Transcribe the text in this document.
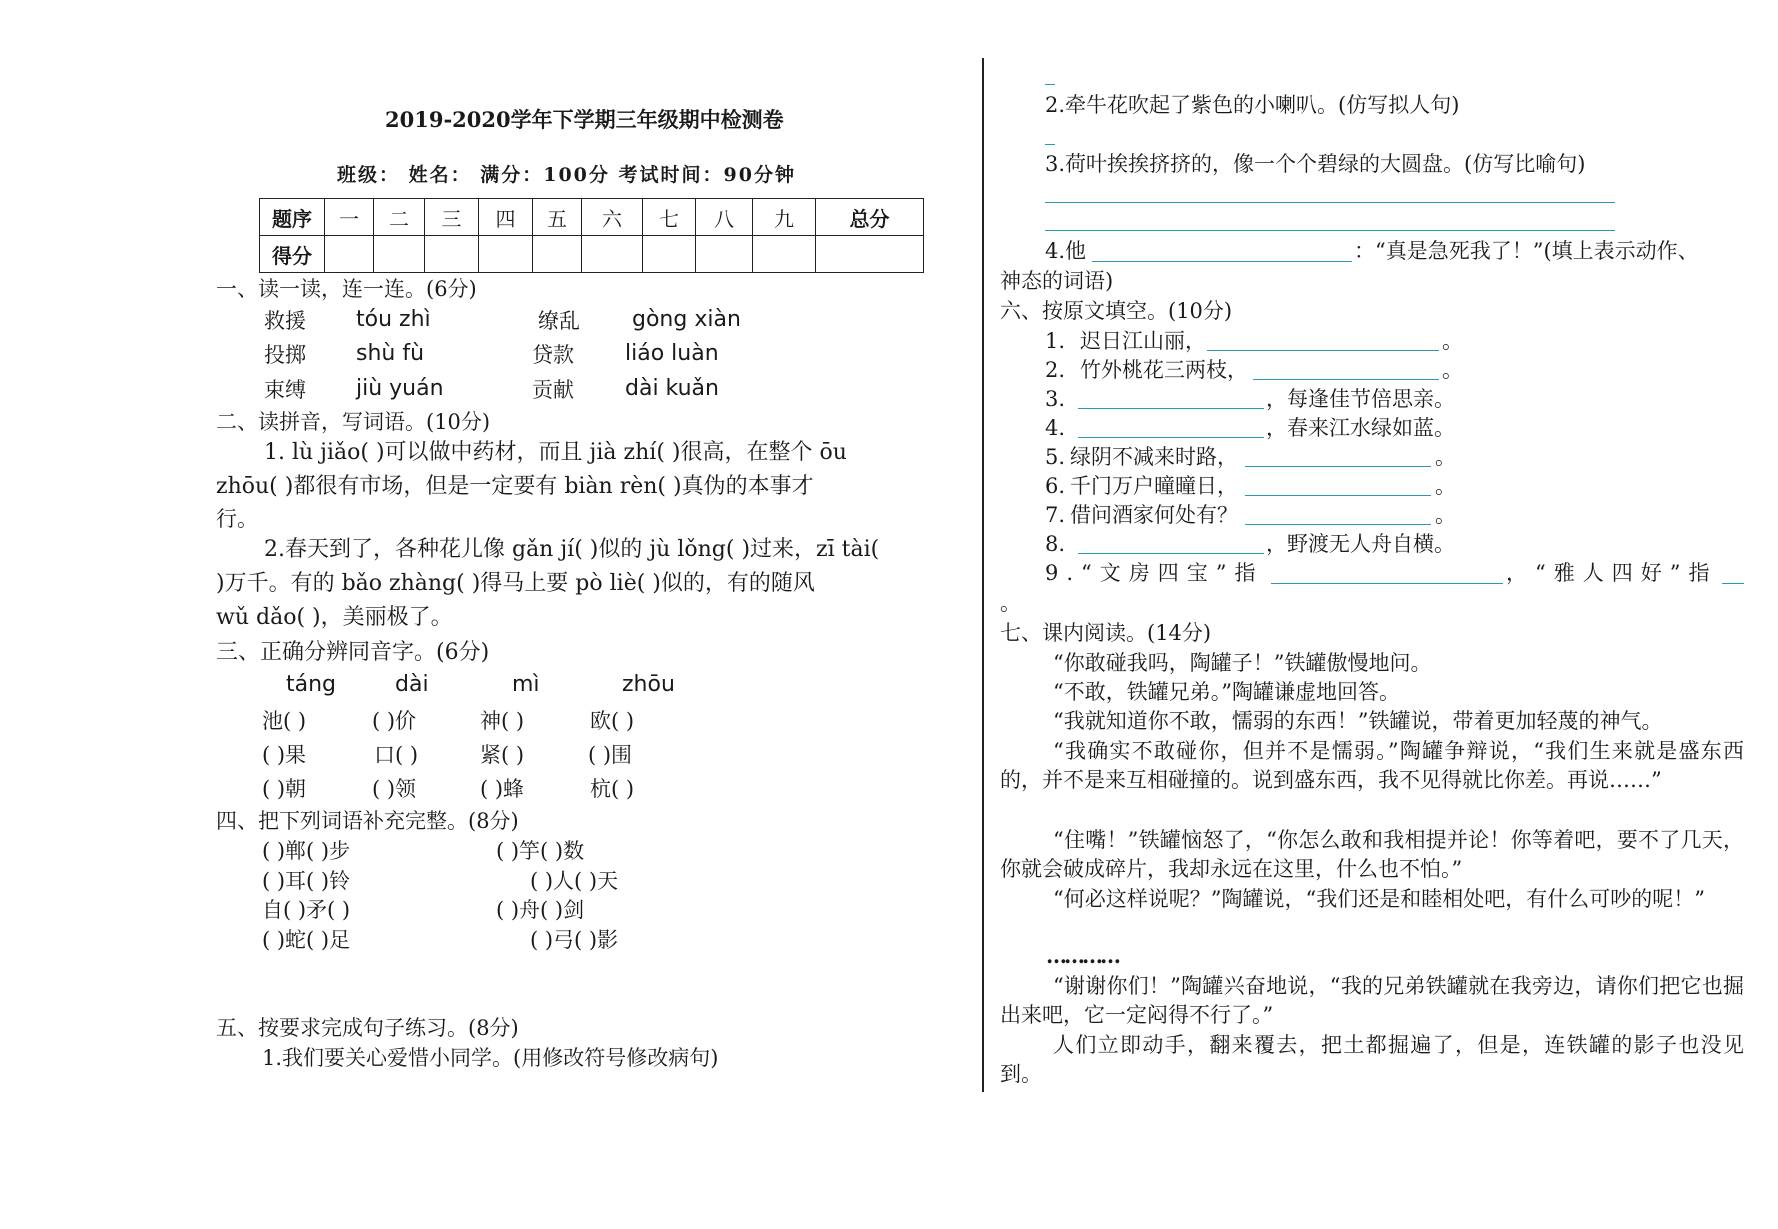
2019-2020学年下学期三年级期中检测卷
班级： 姓名： 满分：100分 考试时间：90分钟
题序	一	二	三	四	五	六	七	八	九	总分
得分										
一、读一读，连一连。(6分)
救援 tóu zhì	缭乱 gòng xiàn
投掷 shù fù	贷款 liáo luàn
束缚 jiù yuán	贡献 dài kuǎn
二、读拼音，写词语。(10分)
1. lù jiǎo( )可以做中药材，而且 jià zhí( )很高，在整个 ōu
zhōu( )都很有市场，但是一定要有 biàn rèn( )真伪的本事才
行。
2.春天到了，各种花儿像 gǎn jí( )似的 jù lǒng( )过来，zī tài(
)万千。有的 bǎo zhàng( )得马上要 pò liè( )似的，有的随风
wǔ dǎo( )，美丽极了。
三、正确分辨同音字。(6分)
táng	dài	mì	zhōu
池( )	( )价	神( )	欧( )
( )果	口( )	紧( )	( )围
( )朝	( )领	( )蜂	杭( )
四、把下列词语补充完整。(8分)
( )郸( )步	( )竽( )数
( )耳( )铃	( )人( )天
自( )矛( )	( )舟( )剑
( )蛇( )足	( )弓( )影
五、按要求完成句子练习。(8分)
1.我们要关心爱惜小同学。(用修改符号修改病句)
2.牵牛花吹起了紫色的小喇叭。(仿写拟人句)
3.荷叶挨挨挤挤的，像一个个碧绿的大圆盘。(仿写比喻句)
4.他	：“真是急死我了！”(填上表示动作、
神态的词语)
六、按原文填空。(10分)
1. 迟日江山丽，	。
2. 竹外桃花三两枝，	。
3.	，每逢佳节倍思亲。
4.	，春来江水绿如蓝。
5. 绿阴不减来时路，	。
6. 千门万户曈曈日，	。
7. 借问酒家何处有？	。
8.	，野渡无人舟自横。
9.“文房四宝”指	，“雅人四好”指
。
七、课内阅读。(14分)
“你敢碰我吗，陶罐子！”铁罐傲慢地问。
“不敢，铁罐兄弟。”陶罐谦虚地回答。
“我就知道你不敢，懦弱的东西！”铁罐说，带着更加轻蔑的神气。
“我确实不敢碰你，但并不是懦弱。”陶罐争辩说，“我们生来就是盛东西的，并不是来互相碰撞的。说到盛东西，我不见得就比你差。再说……”
“住嘴！”铁罐恼怒了，“你怎么敢和我相提并论！你等着吧，要不了几天，你就会破成碎片，我却永远在这里，什么也不怕。”
“何必这样说呢？”陶罐说，“我们还是和睦相处吧，有什么可吵的呢！”
…………
“谢谢你们！”陶罐兴奋地说，“我的兄弟铁罐就在我旁边，请你们把它也掘出来吧，它一定闷得不行了。”
人们立即动手，翻来覆去，把土都掘遍了，但是，连铁罐的影子也没见到。
